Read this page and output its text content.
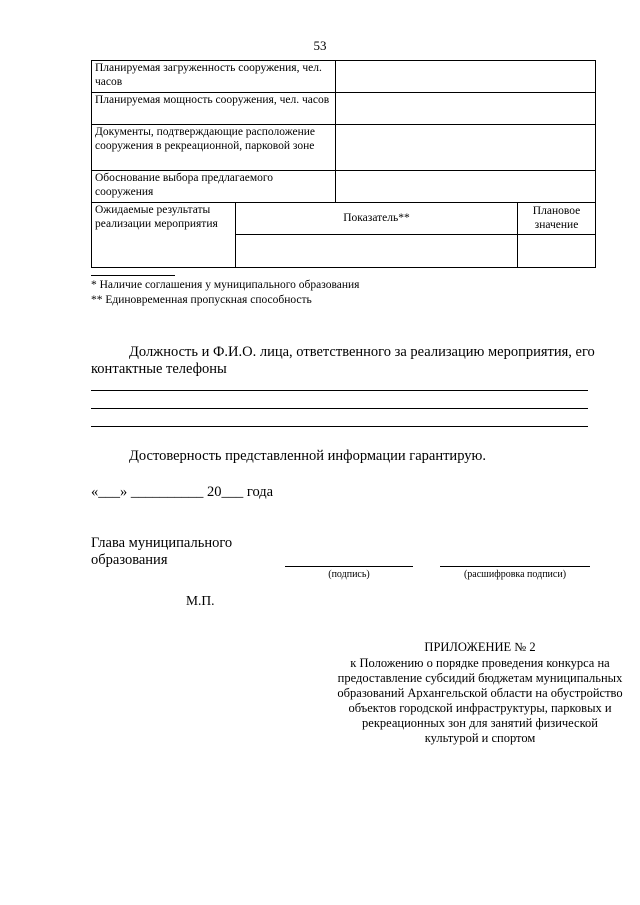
53
Планируемая загруженность сооружения, чел. часов			
Планируемая мощность сооружения, чел. часов			
Документы, подтверждающие расположение сооружения в рекреационной, парковой зоне			
Обоснование выбора предлагаемого сооружения			
Ожидаемые результаты реализации мероприятия	Показатель**		Плановое значение

* Наличие соглашения у муниципального образования
** Единовременная пропускная способность
Должность и Ф.И.О. лица, ответственного за реализацию мероприятия, его контактные телефоны
Достоверность представленной информации гарантирую.
«___» __________ 20___ года
Глава муниципального образования
(подпись)	(расшифровка подписи)
М.П.
ПРИЛОЖЕНИЕ № 2
к Положению о порядке проведения конкурса на предоставление субсидий бюджетам муниципальных образований Архангельской области на обустройство объектов городской инфраструктуры, парковых и рекреационных зон для занятий физической культурой и спортом
